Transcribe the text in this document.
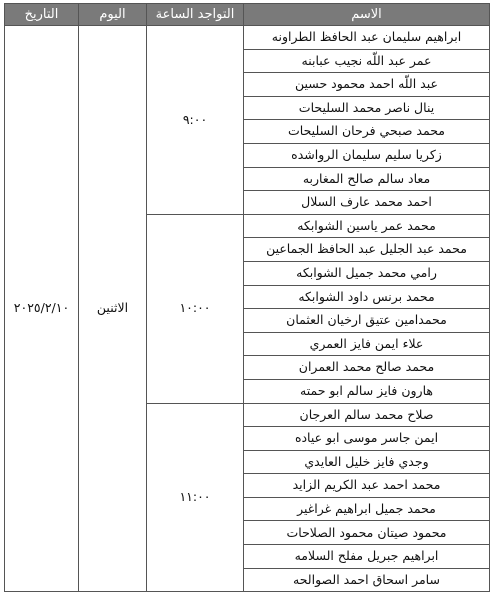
التاريخ	اليوم	التواجد الساعة	الاسم
٢٠٢٥/٢/١٠	الاثنين	٩:٠٠	ابراهيم سليمان عبد الحافظ الطراونه
			عمر عبد اللّه نجيب عبابنه
			عبد اللّه احمد محمود حسين
			ينال ناصر محمد السليحات
			محمد صبحي فرحان السليحات
			زكريا سليم سليمان الرواشده
			معاد سالم صالح المغاربه
			احمد محمد عارف السلال
		١٠:٠٠	محمد عمر ياسين الشوابكه
			محمد عبد الجليل عبد الحافظ الجماعين
			رامي محمد جميل الشوابكه
			محمد برنس داود الشوابكه
			محمدامين عتيق ارخيان العثمان
			علاء ايمن فايز العمري
			محمد صالح محمد العمران
			هارون فايز سالم ابو حمته
		١١:٠٠	صلاح محمد سالم العرجان
			ايمن جاسر موسى ابو عياده
			وجدي فايز خليل العايدي
			محمد احمد عبد الكريم الزايد
			محمد جميل ابراهيم غراغير
			محمود صيتان محمود الصلاحات
			ابراهيم جبريل مفلح السلامه
			سامر اسحاق احمد الصوالحه
